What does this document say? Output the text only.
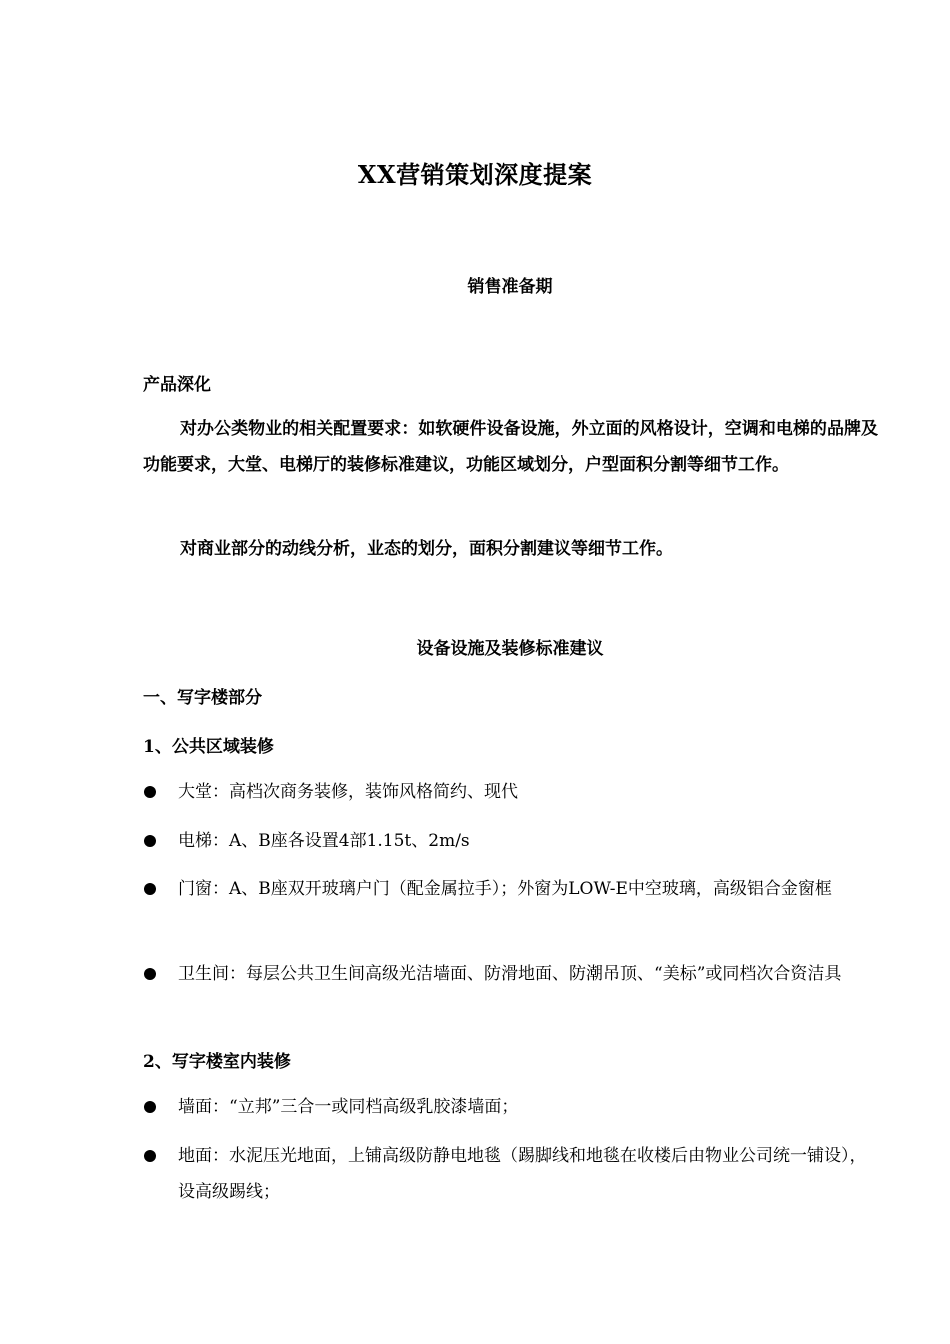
XX营销策划深度提案
销售准备期
产品深化

对办公类物业的相关配置要求：如软硬件设备设施，外立面的风格设计，空调和电梯的品牌及功能要求，大堂、电梯厅的装修标准建议，功能区域划分，户型面积分割等细节工作。

对商业部分的动线分析，业态的划分，面积分割建议等细节工作。

设备设施及装修标准建议
一、写字楼部分
1、公共区域装修
大堂：高档次商务装修，装饰风格简约、现代
电梯：A、B座各设置4部1.15t、2m/s
门窗：A、B座双开玻璃户门（配金属拉手）；外窗为LOW-E中空玻璃，高级铝合金窗框
卫生间：每层公共卫生间高级光洁墙面、防滑地面、防潮吊顶、“美标”或同档次合资洁具
2、写字楼室内装修
墙面：“立邦”三合一或同档高级乳胶漆墙面；
地面：水泥压光地面，上铺高级防静电地毯（踢脚线和地毯在收楼后由物业公司统一铺设）， 设高级踢线；
